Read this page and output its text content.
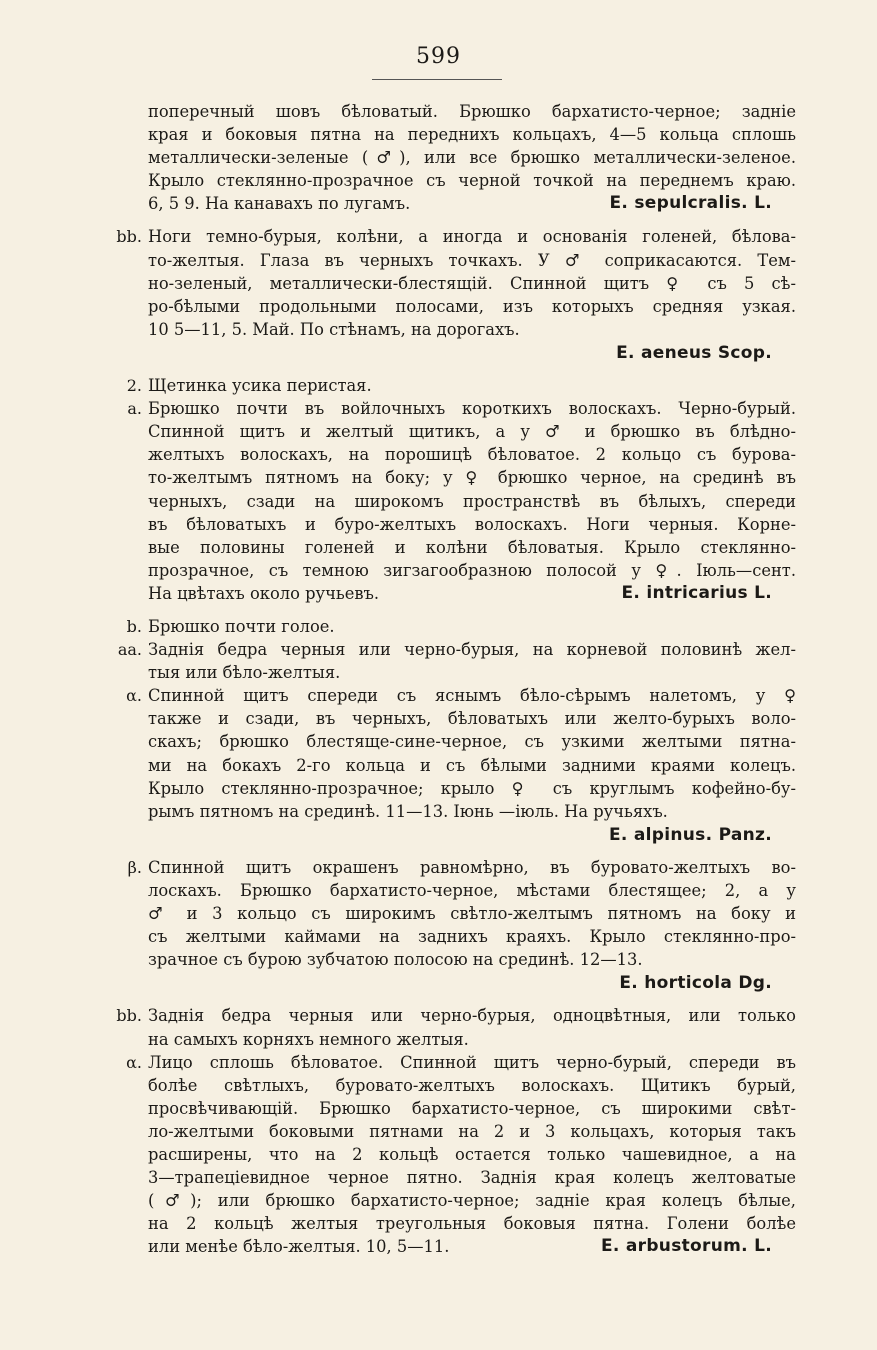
599
поперечный шовъ бѣловатый. Брюшко бархатисто-черное; заднiе
края и боковыя пятна на переднихъ кольцахъ, 4—5 кольца сплошь
металлически-зеленые (♂), или все брюшко металлически-зеленое.
Крыло стеклянно-прозрачное съ черной точкой на переднемъ краю.
6, 5 9. На канавахъ по лугамъ.	E. sepulcralis. L.
bb. Ноги темно-бурыя, колѣни, а иногда и основанiя голеней, бѣлова-
то-желтыя. Глаза въ черныхъ точкахъ. У ♂ соприкасаются. Тем-
но-зеленый, металлически-блестящiй. Спинной щитъ ♀ съ 5 сѣ-
ро-бѣлыми продольными полосами, изъ которыхъ средняя узкая.
10 5—11, 5. Май. По стѣнамъ, на дорогахъ.
E. aeneus Scop.
2. Щетинка усика перистая.
a. Брюшко почти въ войлочныхъ короткихъ волоскахъ. Черно-бурый.
Спинной щитъ и желтый щитикъ, а у ♂ и брюшко въ блѣдно-
желтыхъ волоскахъ, на порошицѣ бѣловатое. 2 кольцо съ бурова-
то-желтымъ пятномъ на боку; у ♀ брюшко черное, на срединѣ въ
черныхъ, сзади на широкомъ пространствѣ въ бѣлыхъ, спереди
въ бѣловатыхъ и буро-желтыхъ волоскахъ. Ноги черныя. Корне-
вые половины голеней и колѣни бѣловатыя. Крыло стеклянно-
прозрачное, съ темною зигзагообразною полосой у ♀. Iюль—сент.
На цвѣтахъ около ручьевъ.	E. intricarius L.
b. Брюшко почти голое.
aa. Заднiя бедра черныя или черно-бурыя, на корневой половинѣ жел-
тыя или бѣло-желтыя.
α. Спинной щитъ спереди съ яснымъ бѣло-сѣрымъ налетомъ, у ♀
также и сзади, въ черныхъ, бѣловатыхъ или желто-бурыхъ воло-
скахъ; брюшко блестяще-сине-черное, съ узкими желтыми пятна-
ми на бокахъ 2-го кольца и съ бѣлыми задними краями колецъ.
Крыло стеклянно-прозрачное; крыло ♀ съ круглымъ кофейно-бу-
рымъ пятномъ на срединѣ. 11—13. Iюнь —iюль. На ручьяхъ.
E. alpinus. Panz.
β. Спинной щитъ окрашенъ равномѣрно, въ буровато-желтыхъ во-
лоскахъ. Брюшко бархатисто-черное, мѣстами блестящее; 2, а у
♂ и 3 кольцо съ широкимъ свѣтло-желтымъ пятномъ на боку и
съ желтыми каймами на заднихъ краяхъ. Крыло стеклянно-про-
зрачное съ бурою зубчатою полосою на срединѣ. 12—13.
E. horticola Dg.
bb. Заднiя бедра черныя или черно-бурыя, одноцвѣтныя, или только
на самыхъ корняхъ немного желтыя.
α. Лицо сплошь бѣловатое. Спинной щитъ черно-бурый, спереди въ
болѣе свѣтлыхъ, буровато-желтыхъ волоскахъ. Щитикъ бурый,
просвѣчивающiй. Брюшко бархатисто-черное, съ широкими свѣт-
ло-желтыми боковыми пятнами на 2 и 3 кольцахъ, которыя такъ
расширены, что на 2 кольцѣ остается только чашевидное, а на
3—трапецiевидное черное пятно. Заднiя края колецъ желтоватые
(♂); или брюшко бархатисто-черное; заднiе края колецъ бѣлые,
на 2 кольцѣ желтыя треугольныя боковыя пятна. Голени болѣе
или менѣе бѣло-желтыя. 10, 5—11.	E. arbustorum. L.
